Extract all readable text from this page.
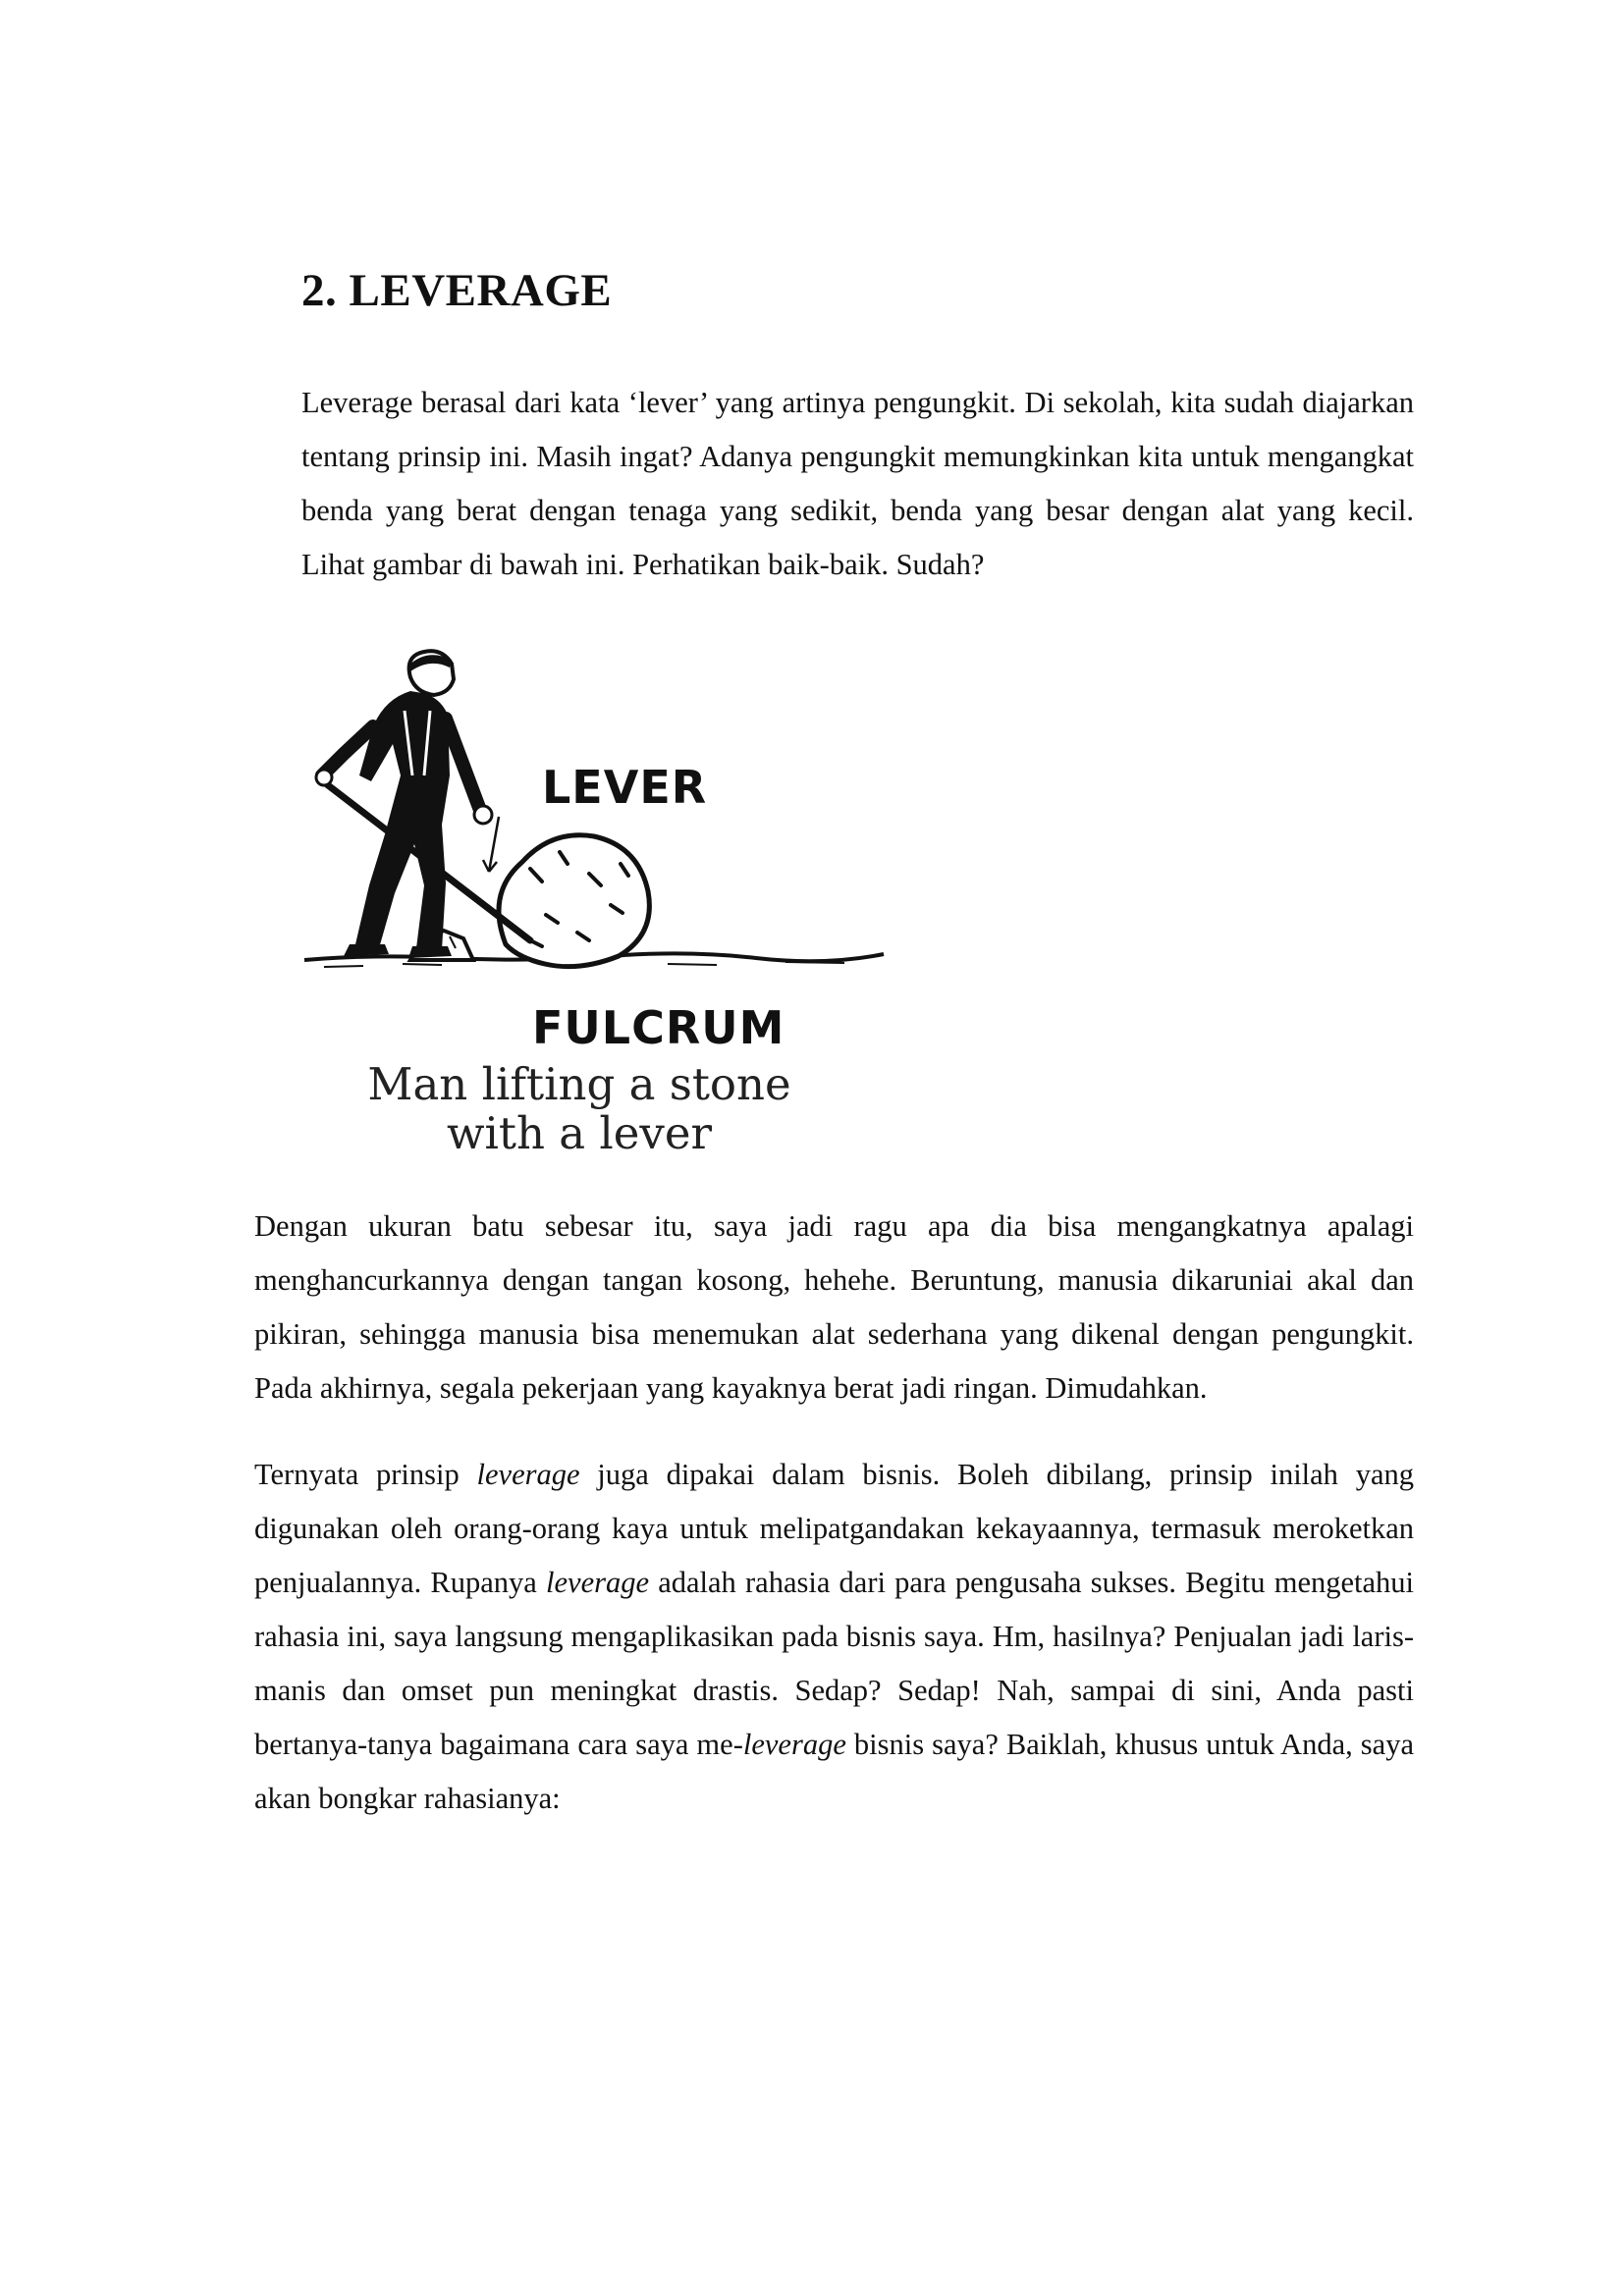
2. LEVERAGE

Leverage berasal dari kata ‘lever’ yang artinya pengungkit. Di sekolah, kita sudah diajarkan tentang prinsip ini. Masih ingat? Adanya pengungkit memungkinkan kita untuk mengangkat benda yang berat dengan tenaga yang sedikit, benda yang besar dengan alat yang kecil. Lihat gambar di bawah ini. Perhatikan baik-baik. Sudah?

LEVER

FULCRUM

Man lifting a stone
with a lever

Dengan ukuran batu sebesar itu, saya jadi ragu apa dia bisa mengangkatnya apalagi menghancurkannya dengan tangan kosong, hehehe. Beruntung, manusia dikaruniai akal dan pikiran, sehingga manusia bisa menemukan alat sederhana yang dikenal dengan pengungkit. Pada akhirnya, segala pekerjaan yang kayaknya berat jadi ringan. Dimudahkan.

Ternyata prinsip leverage juga dipakai dalam bisnis. Boleh dibilang, prinsip inilah yang digunakan oleh orang-orang kaya untuk melipatgandakan kekayaannya, termasuk meroketkan penjualannya. Rupanya leverage adalah rahasia dari para pengusaha sukses. Begitu mengetahui rahasia ini, saya langsung mengaplikasikan pada bisnis saya. Hm, hasilnya? Penjualan jadi laris-manis dan omset pun meningkat drastis. Sedap? Sedap! Nah, sampai di sini, Anda pasti bertanya-tanya bagaimana cara saya me-leverage bisnis saya? Baiklah, khusus untuk Anda, saya akan bongkar rahasianya:
